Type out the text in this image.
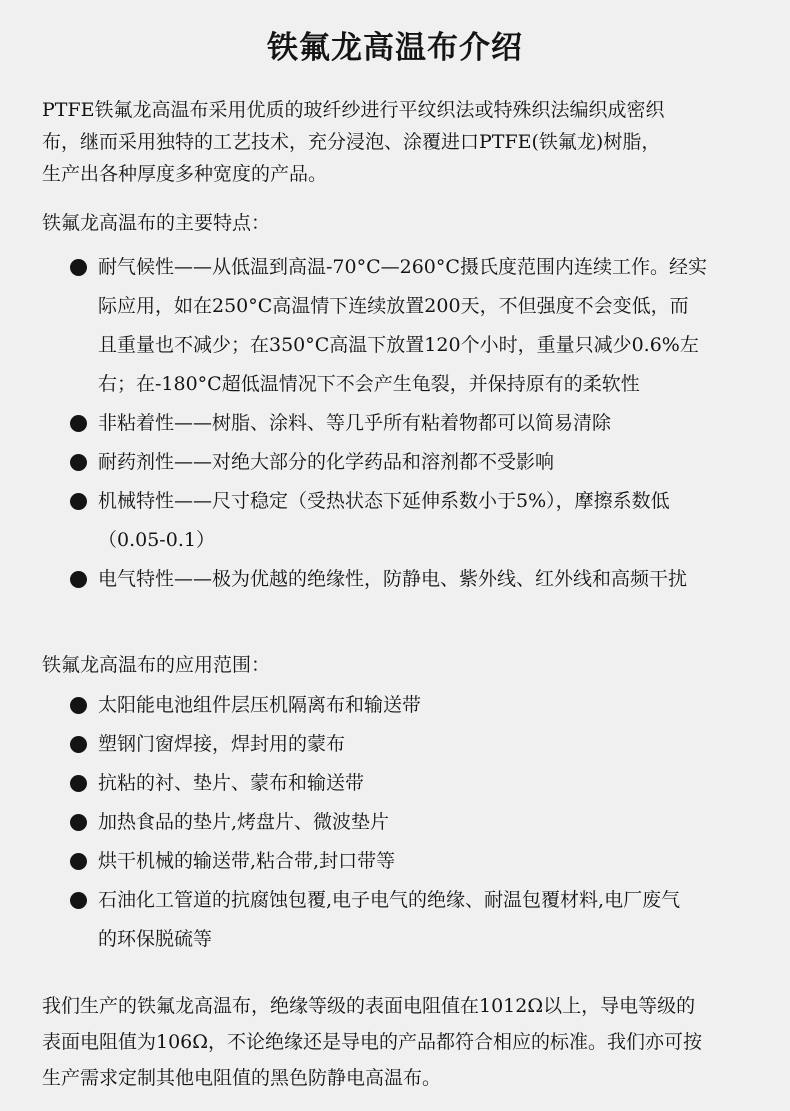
铁氟龙高温布介绍

PTFE铁氟龙高温布采用优质的玻纤纱进行平纹织法或特殊织法编织成密织
布，继而采用独特的工艺技术，充分浸泡、涂覆进口PTFE(铁氟龙)树脂，
生产出各种厚度多种宽度的产品。

铁氟龙高温布的主要特点：

耐气候性——从低温到高温-70°C—260°C摄氏度范围内连续工作。经实
际应用，如在250°C高温情下连续放置200天，不但强度不会变低，而
且重量也不减少；在350°C高温下放置120个小时，重量只减少0.6%左
右；在-180°C超低温情况下不会产生龟裂，并保持原有的柔软性
非粘着性——树脂、涂料、等几乎所有粘着物都可以简易清除
耐药剂性——对绝大部分的化学药品和溶剂都不受影响
机械特性——尺寸稳定（受热状态下延伸系数小于5%），摩擦系数低
（0.05-0.1）
电气特性——极为优越的绝缘性，防静电、紫外线、红外线和高频干扰

铁氟龙高温布的应用范围：

太阳能电池组件层压机隔离布和输送带
塑钢门窗焊接，焊封用的蒙布
抗粘的衬、垫片、蒙布和输送带
加热食品的垫片,烤盘片、微波垫片
烘干机械的输送带,粘合带,封口带等
石油化工管道的抗腐蚀包覆,电子电气的绝缘、耐温包覆材料,电厂废气
的环保脱硫等

我们生产的铁氟龙高温布，绝缘等级的表面电阻值在1012Ω以上，导电等级的
表面电阻值为106Ω，不论绝缘还是导电的产品都符合相应的标准。我们亦可按
生产需求定制其他电阻值的黑色防静电高温布。
